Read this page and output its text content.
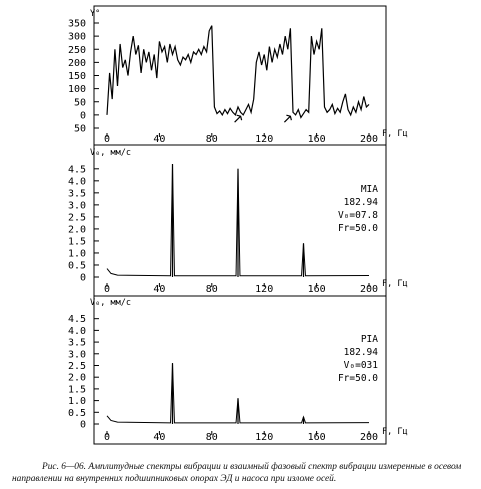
350
300
250
200
150
100
50
0
50
0	40	80	120	160	200
Y°
F, Гц
4.5
4.0
3.5
3.0
2.5
2.0
1.5
1.0
0.5
0
0	40	80	120	160	200
V₀, мм/с
F, Гц
MIA
182.94
V₀=07.8
Fr=50.0
4.5
4.0
3.5
3.0
2.5
2.0
1.5
1.0
0.5
0
0	40	80	120	160	200
V₀, мм/с
F, Гц
PIA
182.94
V₀=031
Fr=50.0
Рис. 6—06. Амплитудные спектры вибрации и взаимный фазовый спектр вибрации измеренные в осевом направлении на внутренних подшипниковых опорах ЭД и насоса при изломе осей.
